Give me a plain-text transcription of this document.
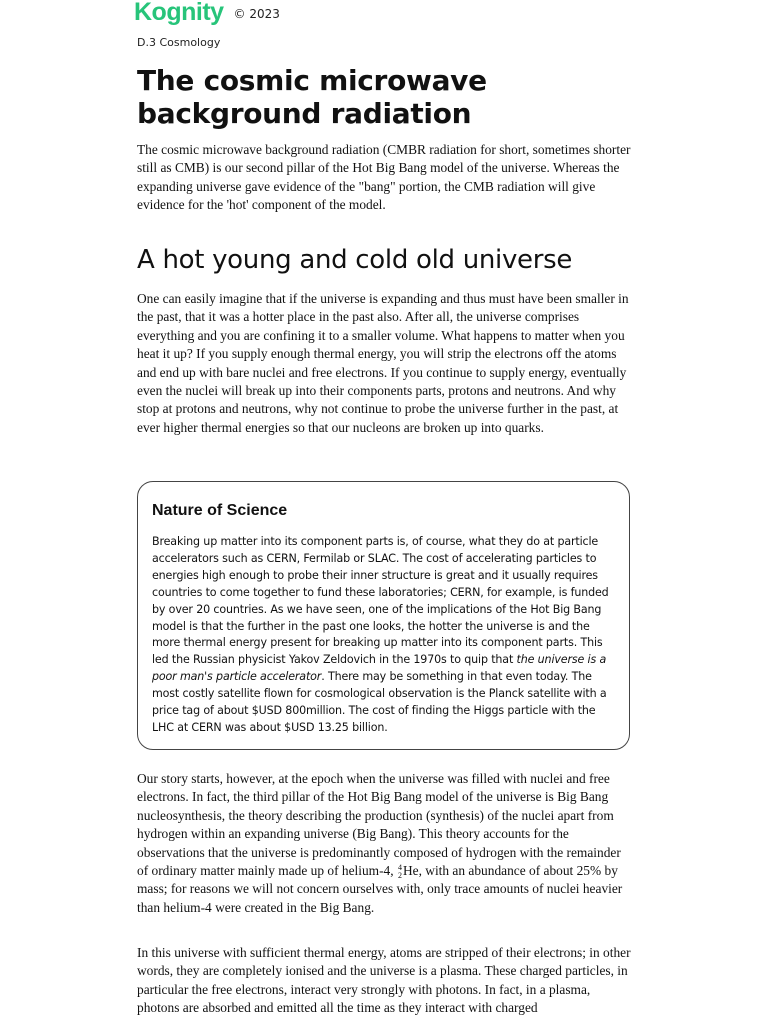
Kognity © 2023
D.3 Cosmology
The cosmic microwave background radiation

The cosmic microwave background radiation (CMBR radiation for short, sometimes shorter still as CMB) is our second pillar of the Hot Big Bang model of the universe. Whereas the expanding universe gave evidence of the "bang" portion, the CMB radiation will give evidence for the 'hot' component of the model.

A hot young and cold old universe

One can easily imagine that if the universe is expanding and thus must have been smaller in the past, that it was a hotter place in the past also. After all, the universe comprises everything and you are confining it to a smaller volume. What happens to matter when you heat it up? If you supply enough thermal energy, you will strip the electrons off the atoms and end up with bare nuclei and free electrons. If you continue to supply energy, eventually even the nuclei will break up into their components parts, protons and neutrons. And why stop at protons and neutrons, why not continue to probe the universe further in the past, at ever higher thermal energies so that our nucleons are broken up into quarks.

Nature of Science

Breaking up matter into its component parts is, of course, what they do at particle accelerators such as CERN, Fermilab or SLAC. The cost of accelerating particles to energies high enough to probe their inner structure is great and it usually requires countries to come together to fund these laboratories; CERN, for example, is funded by over 20 countries. As we have seen, one of the implications of the Hot Big Bang model is that the further in the past one looks, the hotter the universe is and the more thermal energy present for breaking up matter into its component parts. This led the Russian physicist Yakov Zeldovich in the 1970s to quip that the universe is a poor man's particle accelerator. There may be something in that even today. The most costly satellite flown for cosmological observation is the Planck satellite with a price tag of about $USD 800million. The cost of finding the Higgs particle with the LHC at CERN was about $USD 13.25 billion.

Our story starts, however, at the epoch when the universe was filled with nuclei and free electrons. In fact, the third pillar of the Hot Big Bang model of the universe is Big Bang nucleosynthesis, the theory describing the production (synthesis) of the nuclei apart from hydrogen within an expanding universe (Big Bang). This theory accounts for the observations that the universe is predominantly composed of hydrogen with the remainder of ordinary matter mainly made up of helium-4, 4
2 He, with an abundance of about 25% by mass; for reasons we will not concern ourselves with, only trace amounts of nuclei heavier than helium-4 were created in the Big Bang.

In this universe with sufficient thermal energy, atoms are stripped of their electrons; in other words, they are completely ionised and the universe is a plasma. These charged particles, in particular the free electrons, interact very strongly with photons. In fact, in a plasma, photons are absorbed and emitted all the time as they interact with charged
